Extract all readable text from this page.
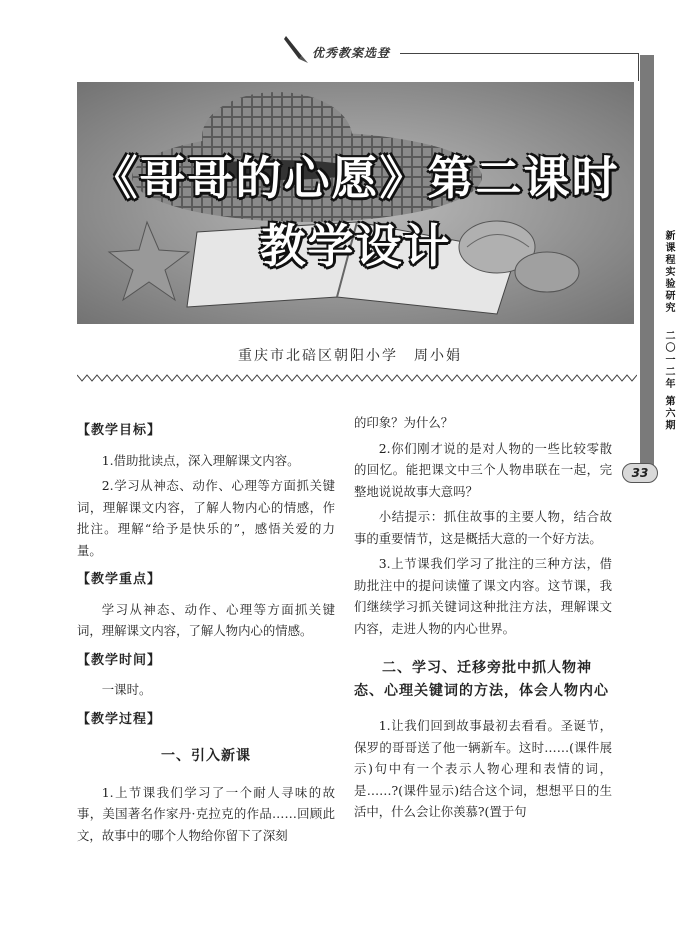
优秀教案选登
新课程实验研究
二〇一二年 第六期
33
《哥哥的心愿》第二课时
教学设计
重庆市北碚区朝阳小学　周小娟
【教学目标】

1.借助批读点，深入理解课文内容。

2.学习从神态、动作、心理等方面抓关键词，理解课文内容，了解人物内心的情感，作批注。理解“给予是快乐的”，感悟关爱的力量。

【教学重点】

学习从神态、动作、心理等方面抓关键词，理解课文内容，了解人物内心的情感。

【教学时间】

一课时。

【教学过程】
一、引入新课

1.上节课我们学习了一个耐人寻味的故事，美国著名作家丹·克拉克的作品……回顾此文，故事中的哪个人物给你留下了深刻

的印象？为什么？

2.你们刚才说的是对人物的一些比较零散的回忆。能把课文中三个人物串联在一起，完整地说说故事大意吗？

小结提示：抓住故事的主要人物，结合故事的重要情节，这是概括大意的一个好方法。

3.上节课我们学习了批注的三种方法，借助批注中的提问读懂了课文内容。这节课，我们继续学习抓关键词这种批注方法，理解课文内容，走进人物的内心世界。

二、学习、迁移旁批中抓人物神
态、心理关键词的方法，体会人物内心

1.让我们回到故事最初去看看。圣诞节，保罗的哥哥送了他一辆新车。这时……(课件展示)句中有一个表示人物心理和表情的词，是……?(课件显示)结合这个词，想想平日的生活中，什么会让你羡慕?(置于句
